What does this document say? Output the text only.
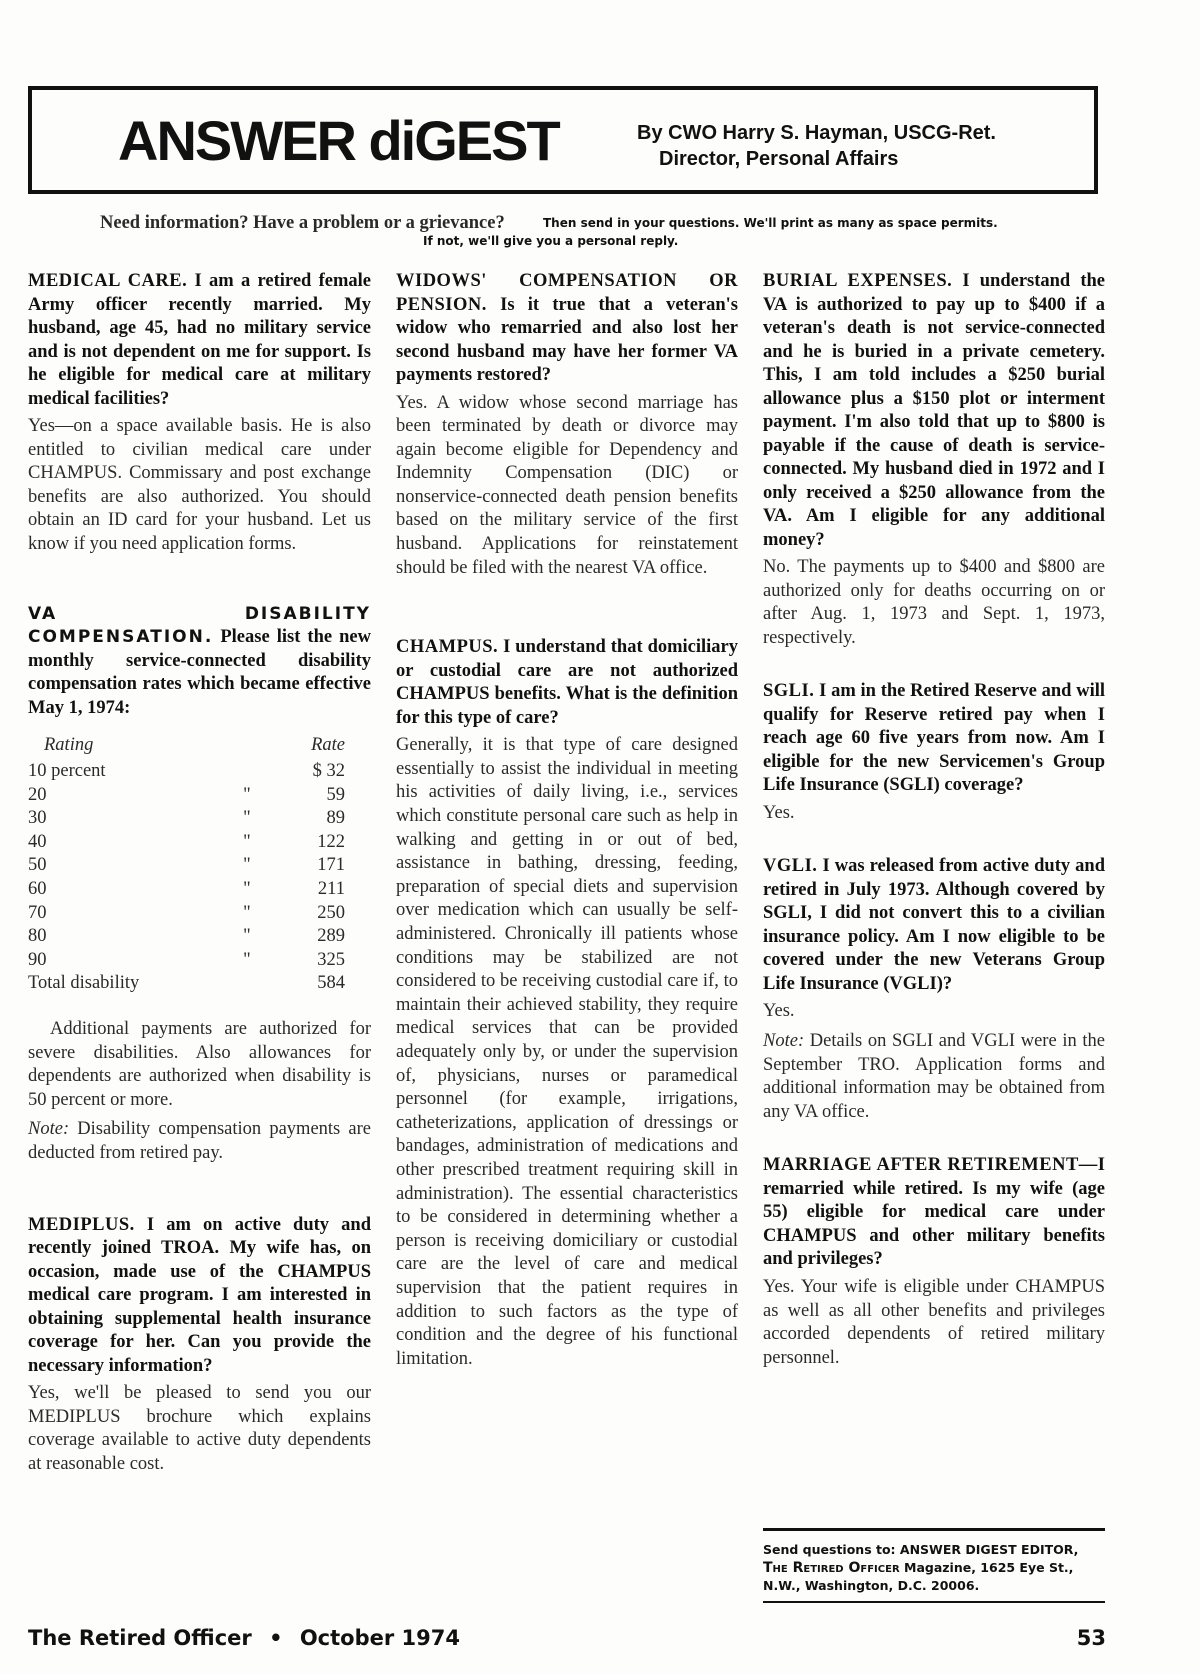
ANSWER diGEST	By CWO Harry S. Hayman, USCG-Ret.
Director, Personal Affairs
Need information? Have a problem or a grievance?	Then send in your questions. We'll print as many as space permits.
If not, we'll give you a personal reply.

MEDICAL CARE. I am a retired female Army officer recently married. My husband, age 45, had no military service and is not dependent on me for support. Is he eligible for medical care at military medical facilities?

Yes—on a space available basis. He is also entitled to civilian medical care under CHAMPUS. Commissary and post exchange benefits are also authorized. You should obtain an ID card for your husband. Let us know if you need application forms.

VA DISABILITY COMPENSATION. Please list the new monthly service-connected disability compensation rates which became effective May 1, 1974:

Rating		Rate
10 percent		$ 32
20	"	59
30	"	89
40	"	122
50	"	171
60	"	211
70	"	250
80	"	289
90	"	325
Total disability		584

Additional payments are authorized for severe disabilities. Also allowances for dependents are authorized when disability is 50 percent or more.

Note: Disability compensation payments are deducted from retired pay.

MEDIPLUS. I am on active duty and recently joined TROA. My wife has, on occasion, made use of the CHAMPUS medical care program. I am interested in obtaining supplemental health insurance coverage for her. Can you provide the necessary information?

Yes, we'll be pleased to send you our MEDIPLUS brochure which explains coverage available to active duty dependents at reasonable cost.

WIDOWS' COMPENSATION OR PENSION. Is it true that a veteran's widow who remarried and also lost her second husband may have her former VA payments restored?

Yes. A widow whose second marriage has been terminated by death or divorce may again become eligible for Dependency and Indemnity Compensation (DIC) or nonservice-connected death pension benefits based on the military service of the first husband. Applications for reinstatement should be filed with the nearest VA office.

CHAMPUS. I understand that domiciliary or custodial care are not authorized CHAMPUS benefits. What is the definition for this type of care?

Generally, it is that type of care designed essentially to assist the individual in meeting his activities of daily living, i.e., services which constitute personal care such as help in walking and getting in or out of bed, assistance in bathing, dressing, feeding, preparation of special diets and supervision over medication which can usually be self-administered. Chronically ill patients whose conditions may be stabilized are not considered to be receiving custodial care if, to maintain their achieved stability, they require medical services that can be provided adequately only by, or under the supervision of, physicians, nurses or paramedical personnel (for example, irrigations, catheterizations, application of dressings or bandages, administration of medications and other prescribed treatment requiring skill in administration). The essential characteristics to be considered in determining whether a person is receiving domiciliary or custodial care are the level of care and medical supervision that the patient requires in addition to such factors as the type of condition and the degree of his functional limitation.

BURIAL EXPENSES. I understand the VA is authorized to pay up to $400 if a veteran's death is not service-connected and he is buried in a private cemetery. This, I am told includes a $250 burial allowance plus a $150 plot or interment payment. I'm also told that up to $800 is payable if the cause of death is service-connected. My husband died in 1972 and I only received a $250 allowance from the VA. Am I eligible for any additional money?

No. The payments up to $400 and $800 are authorized only for deaths occurring on or after Aug. 1, 1973 and Sept. 1, 1973, respectively.

SGLI. I am in the Retired Reserve and will qualify for Reserve retired pay when I reach age 60 five years from now. Am I eligible for the new Servicemen's Group Life Insurance (SGLI) coverage?

Yes.

VGLI. I was released from active duty and retired in July 1973. Although covered by SGLI, I did not convert this to a civilian insurance policy. Am I now eligible to be covered under the new Veterans Group Life Insurance (VGLI)?

Yes.

Note: Details on SGLI and VGLI were in the September TRO. Application forms and additional information may be obtained from any VA office.

MARRIAGE AFTER RETIREMENT—I remarried while retired. Is my wife (age 55) eligible for medical care under CHAMPUS and other military benefits and privileges?

Yes. Your wife is eligible under CHAMPUS as well as all other benefits and privileges accorded dependents of retired military personnel.

Send questions to: ANSWER DIGEST EDITOR, The Retired Officer Magazine, 1625 Eye St., N.W., Washington, D.C. 20006.
The Retired Officer • October 1974	53
